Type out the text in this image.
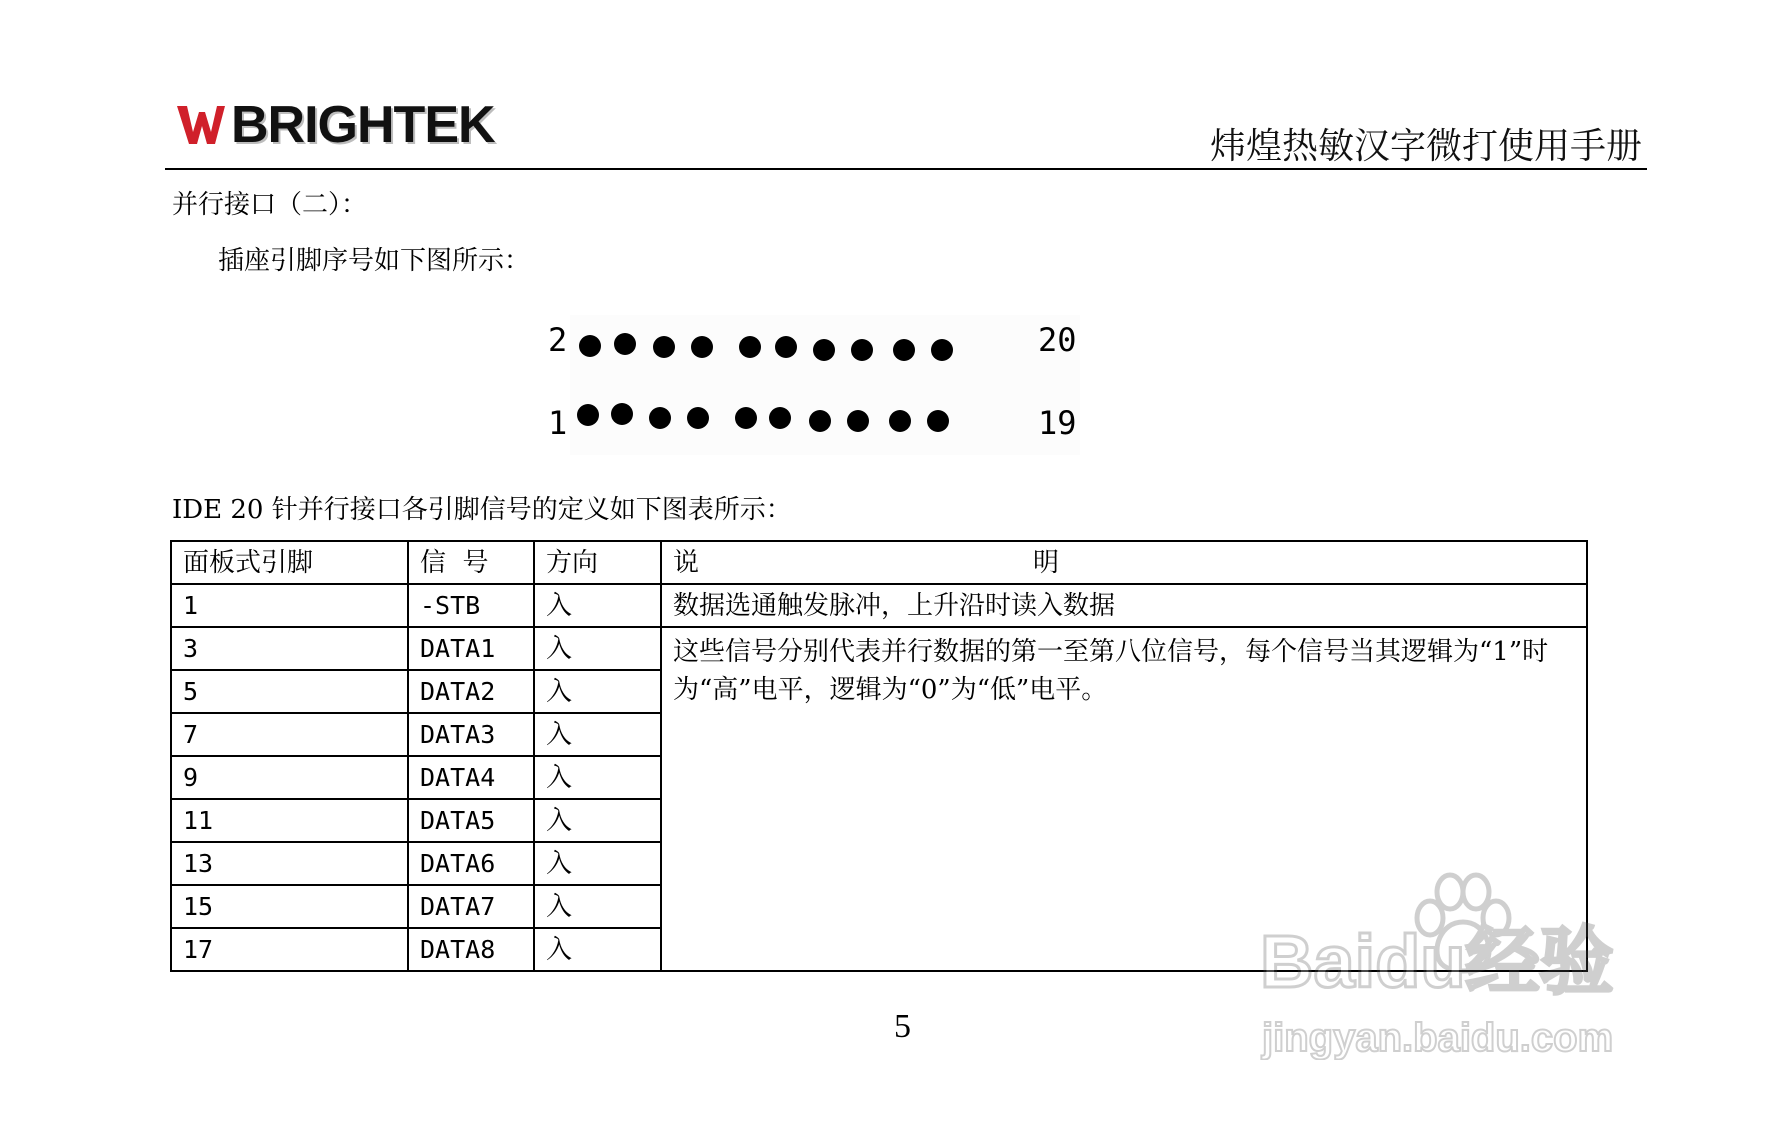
BRIGHTEK	炜煌热敏汉字微打使用手册
并行接口（二）：
插座引脚序号如下图所示：
2	20
1	19
IDE 20 针并行接口各引脚信号的定义如下图表所示：
面板式引脚	信  号	方向	说 明

1	-STB	入	数据选通触发脉冲，上升沿时读入数据
3	DATA1	入	这些信号分别代表并行数据的第一至第八位信号，每个信号当其逻辑为“1”时为“高”电平，逻辑为“0”为“低”电平。
5	DATA2	入	
7	DATA3	入	
9	DATA4	入	
11	DATA5	入	
13	DATA6	入	
15	DATA7	入	
17	DATA8	入	
5
Baidu经验
jingyan.baidu.com
